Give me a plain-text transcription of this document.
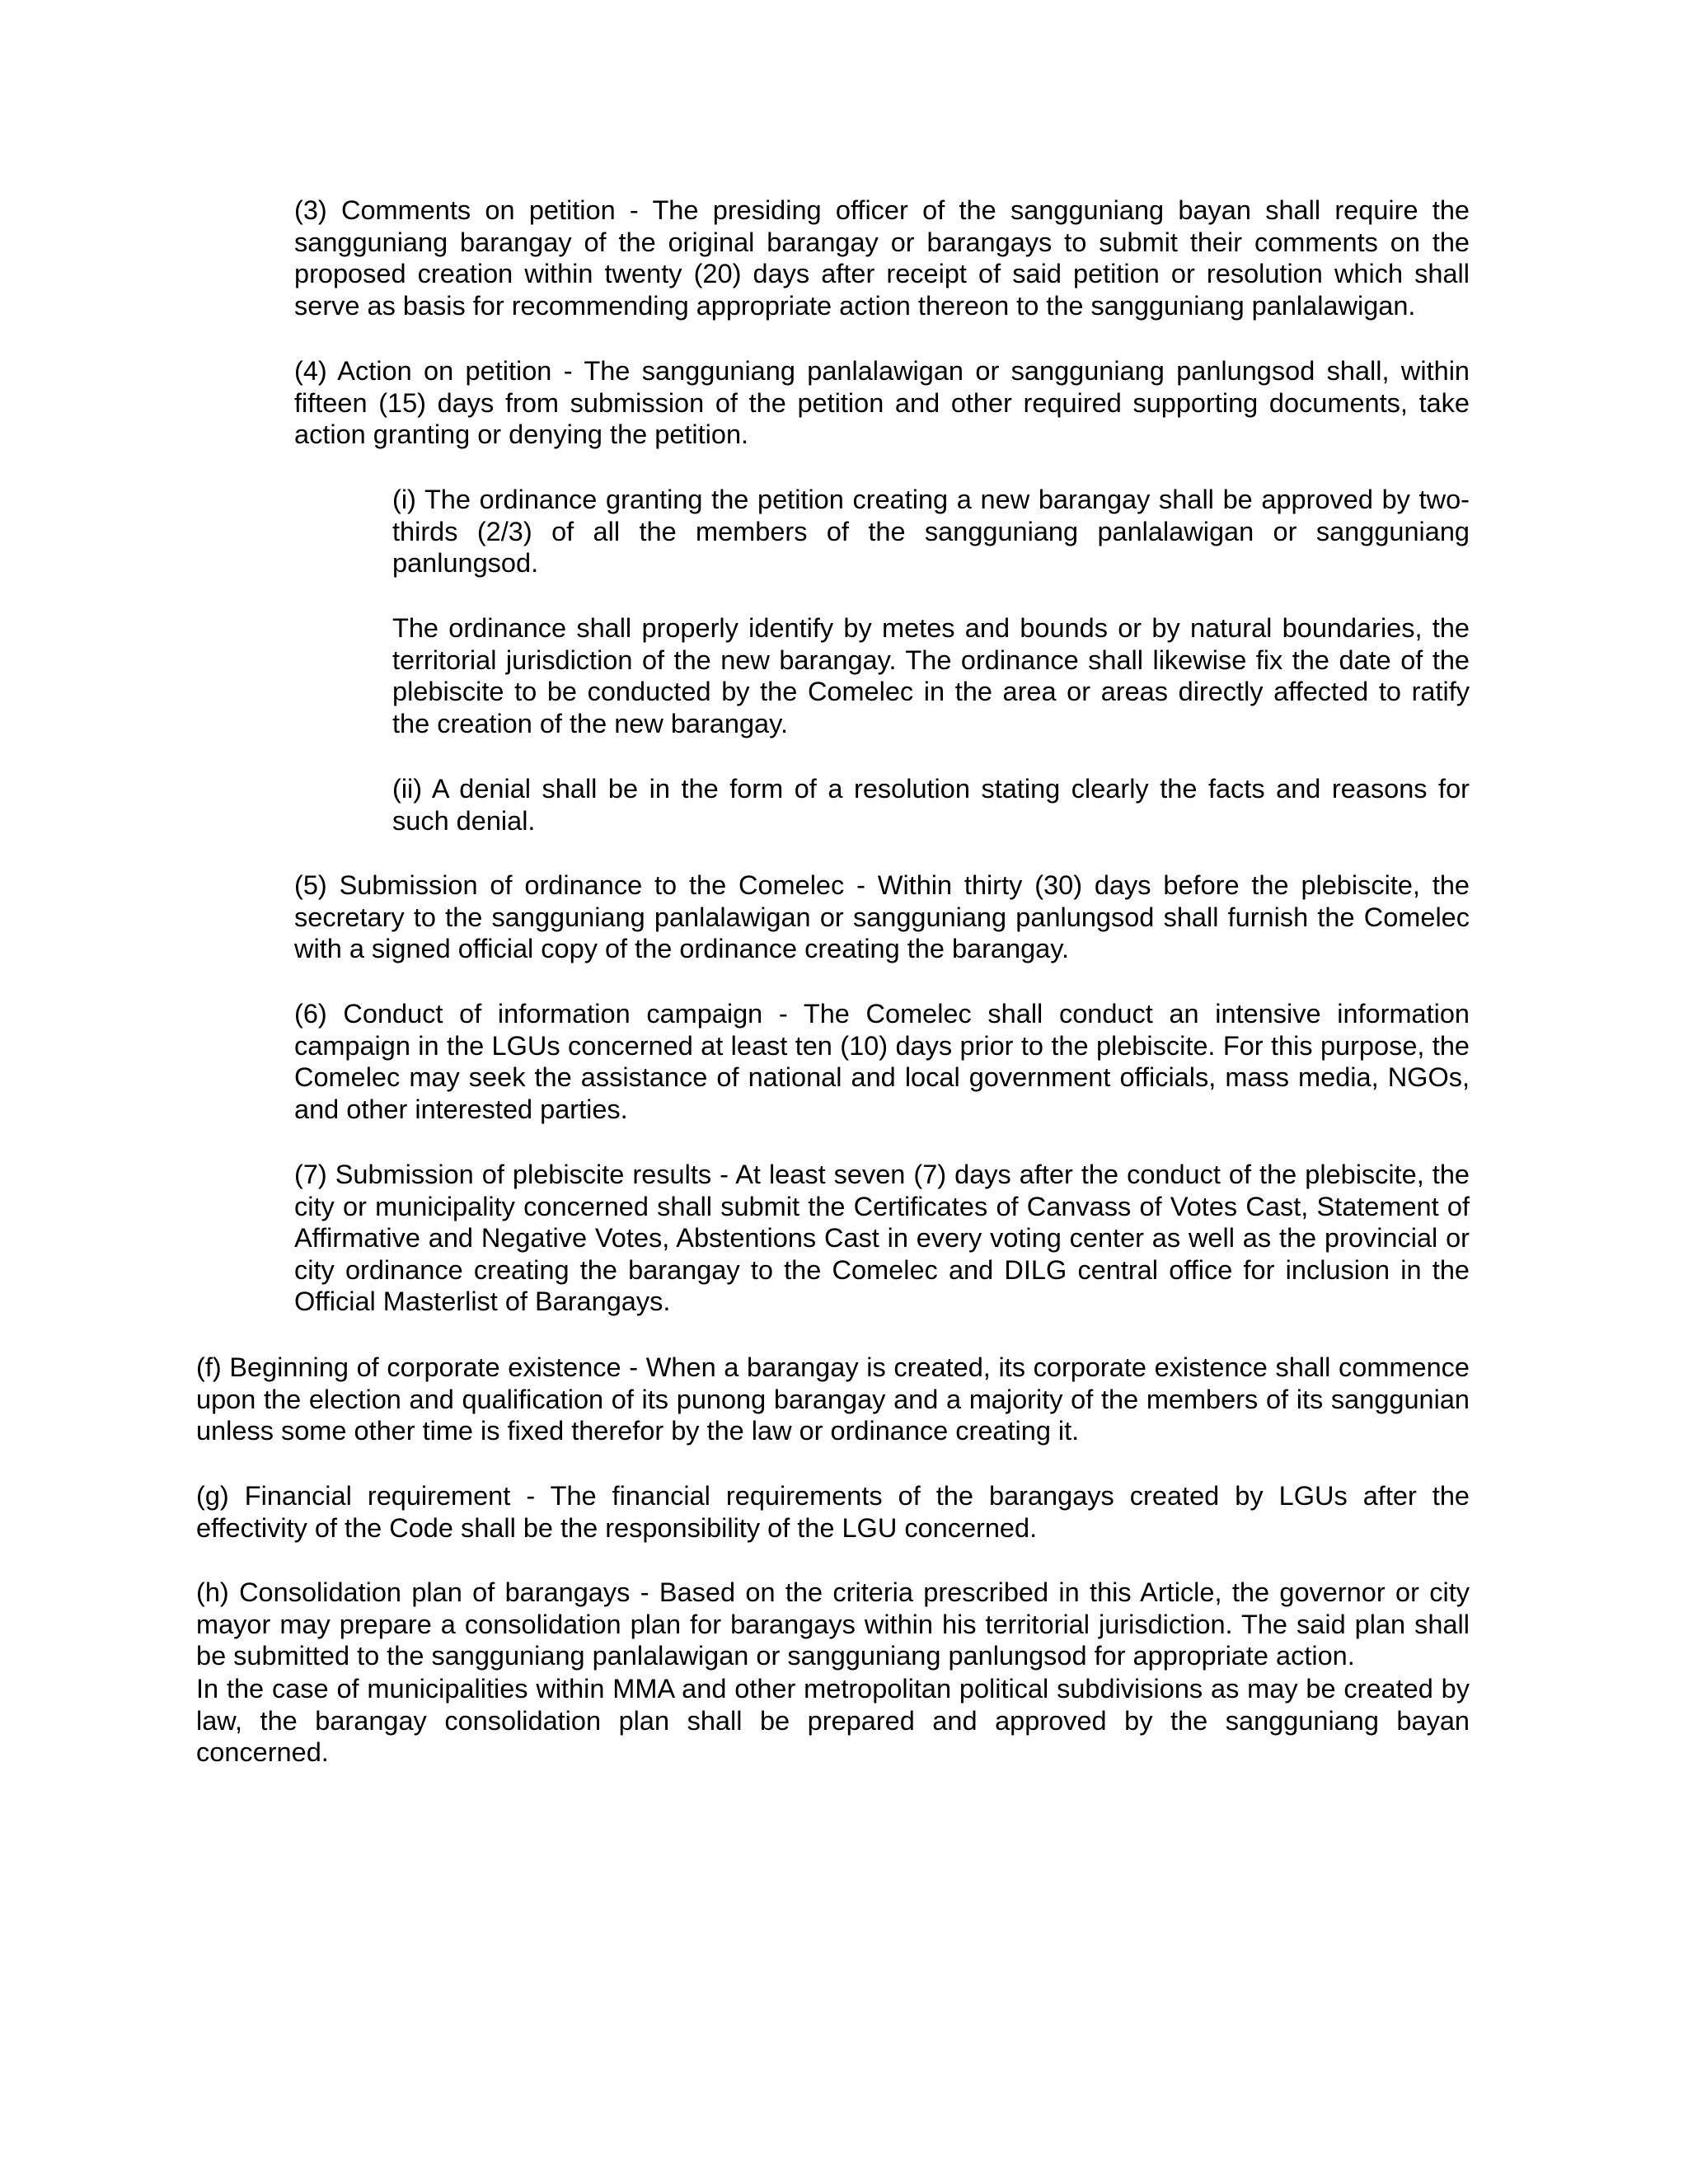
(3) Comments on petition - The presiding officer of the sangguniang bayan shall require the sangguniang barangay of the original barangay or barangays to submit their comments on the proposed creation within twenty (20) days after receipt of said petition or resolution which shall serve as basis for recommending appropriate action thereon to the sangguniang panlalawigan.

(4) Action on petition - The sangguniang panlalawigan or sangguniang panlungsod shall, within fifteen (15) days from submission of the petition and other required supporting documents, take action granting or denying the petition.

(i) The ordinance granting the petition creating a new barangay shall be approved by two-thirds (2/3) of all the members of the sangguniang panlalawigan or sangguniang panlungsod.

The ordinance shall properly identify by metes and bounds or by natural boundaries, the territorial jurisdiction of the new barangay. The ordinance shall likewise fix the date of the plebiscite to be conducted by the Comelec in the area or areas directly affected to ratify the creation of the new barangay.

(ii) A denial shall be in the form of a resolution stating clearly the facts and reasons for such denial.

(5) Submission of ordinance to the Comelec - Within thirty (30) days before the plebiscite, the secretary to the sangguniang panlalawigan or sangguniang panlungsod shall furnish the Comelec with a signed official copy of the ordinance creating the barangay.

(6) Conduct of information campaign - The Comelec shall conduct an intensive information campaign in the LGUs concerned at least ten (10) days prior to the plebiscite. For this purpose, the Comelec may seek the assistance of national and local government officials, mass media, NGOs, and other interested parties.

(7) Submission of plebiscite results - At least seven (7) days after the conduct of the plebiscite, the city or municipality concerned shall submit the Certificates of Canvass of Votes Cast, Statement of Affirmative and Negative Votes, Abstentions Cast in every voting center as well as the provincial or city ordinance creating the barangay to the Comelec and DILG central office for inclusion in the Official Masterlist of Barangays.

(f) Beginning of corporate existence - When a barangay is created, its corporate existence shall commence upon the election and qualification of its punong barangay and a majority of the members of its sanggunian unless some other time is fixed therefor by the law or ordinance creating it.

(g) Financial requirement - The financial requirements of the barangays created by LGUs after the effectivity of the Code shall be the responsibility of the LGU concerned.

(h) Consolidation plan of barangays - Based on the criteria prescribed in this Article, the governor or city mayor may prepare a consolidation plan for barangays within his territorial jurisdiction. The said plan shall be submitted to the sangguniang panlalawigan or sangguniang panlungsod for appropriate action.

In the case of municipalities within MMA and other metropolitan political subdivisions as may be created by law, the barangay consolidation plan shall be prepared and approved by the sangguniang bayan concerned.
